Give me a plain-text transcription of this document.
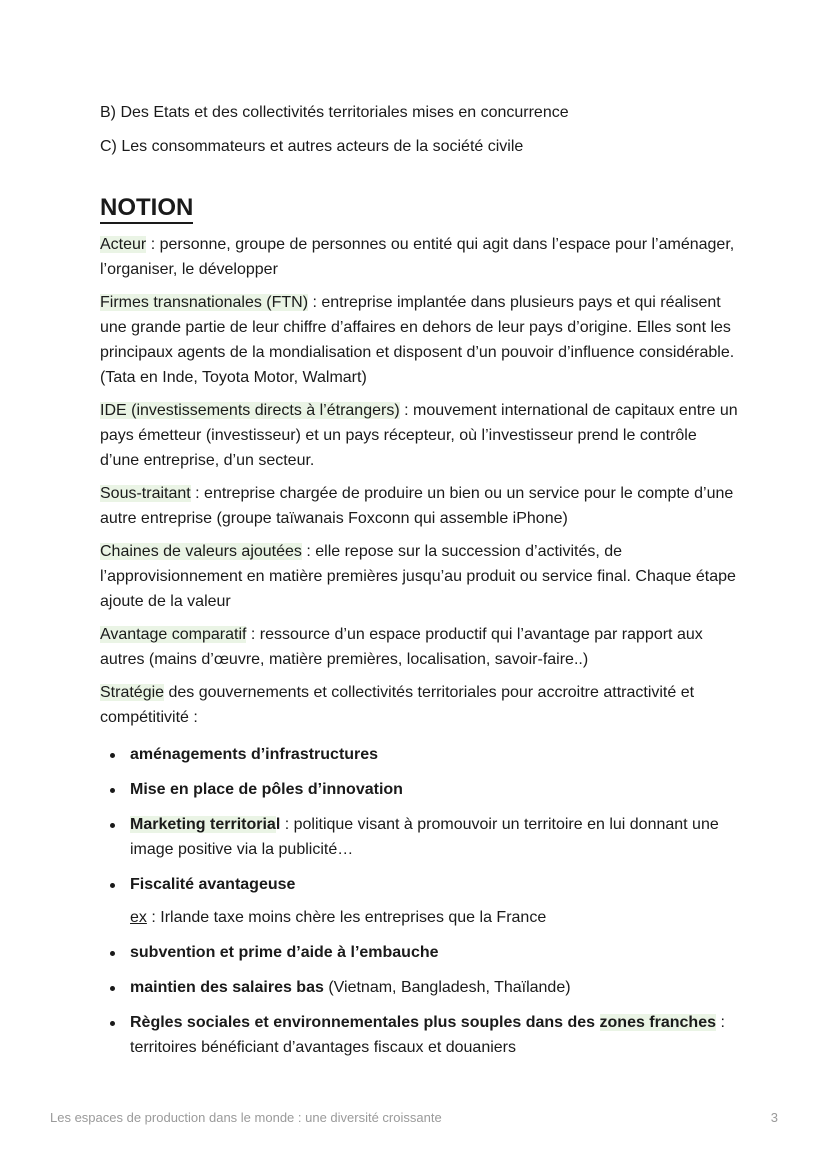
B) Des Etats et des collectivités territoriales mises en concurrence

C) Les consommateurs et autres acteurs de la société civile

NOTION

Acteur : personne, groupe de personnes ou entité qui agit dans l’espace pour l’aménager, l’organiser, le développer

Firmes transnationales (FTN) : entreprise implantée dans plusieurs pays et qui réalisent une grande partie de leur chiffre d’affaires en dehors de leur pays d’origine. Elles sont les principaux agents de la mondialisation et disposent d’un pouvoir d’influence considérable. (Tata en Inde, Toyota Motor, Walmart)

IDE (investissements directs à l’étrangers) : mouvement international de capitaux entre un pays émetteur (investisseur) et un pays récepteur, où l’investisseur prend le contrôle d’une entreprise, d’un secteur.

Sous-traitant : entreprise chargée de produire un bien ou un service pour le compte d’une autre entreprise (groupe taïwanais Foxconn qui assemble iPhone)

Chaines de valeurs ajoutées : elle repose sur la succession d’activités, de l’approvisionnement en matière premières jusqu’au produit ou service final. Chaque étape ajoute de la valeur

Avantage comparatif : ressource d’un espace productif qui l’avantage par rapport aux autres (mains d’œuvre, matière premières, localisation, savoir-faire..)

Stratégie des gouvernements et collectivités territoriales pour accroitre attractivité et compétitivité :

aménagements d’infrastructures
Mise en place de pôles d’innovation
Marketing territorial : politique visant à promouvoir un territoire en lui donnant une image positive via la publicité…
Fiscalité avantageuse

ex : Irlande taxe moins chère les entreprises que la France

subvention et prime d’aide à l’embauche
maintien des salaires bas (Vietnam, Bangladesh, Thaïlande)
Règles sociales et environnementales plus souples dans des zones franches : territoires bénéficiant d’avantages fiscaux et douaniers
Les espaces de production dans le monde : une diversité croissante	3
